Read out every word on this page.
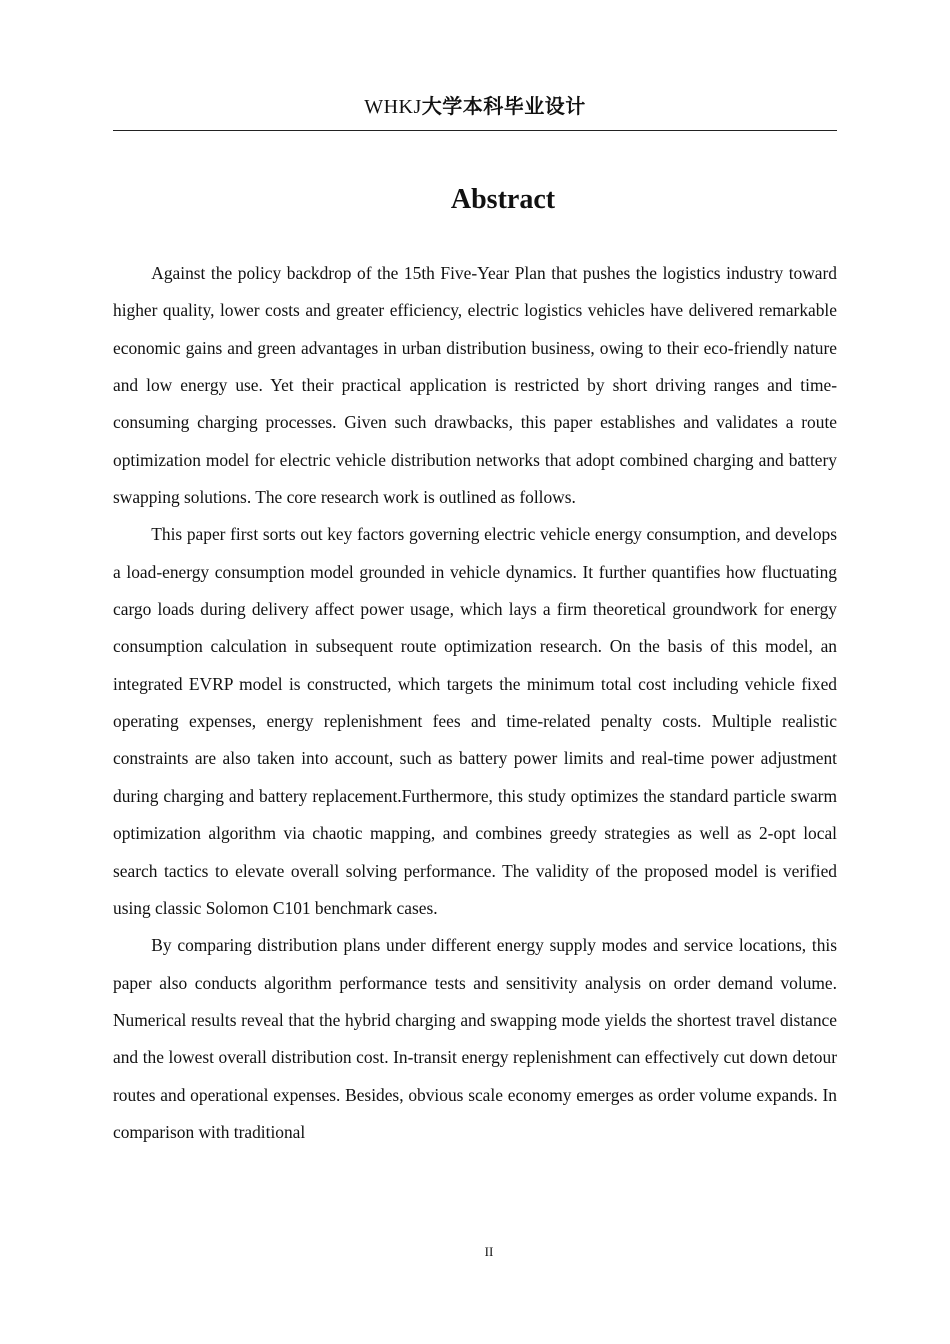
WHKJ大学本科毕业设计
Abstract

Against the policy backdrop of the 15th Five-Year Plan that pushes the logistics industry toward higher quality, lower costs and greater efficiency, electric logistics vehicles have delivered remarkable economic gains and green advantages in urban distribution business, owing to their eco-friendly nature and low energy use. Yet their practical application is restricted by short driving ranges and time-consuming charging processes. Given such drawbacks, this paper establishes and validates a route optimization model for electric vehicle distribution networks that adopt combined charging and battery swapping solutions. The core research work is outlined as follows.

This paper first sorts out key factors governing electric vehicle energy consumption, and develops a load-energy consumption model grounded in vehicle dynamics. It further quantifies how fluctuating cargo loads during delivery affect power usage, which lays a firm theoretical groundwork for energy consumption calculation in subsequent route optimization research. On the basis of this model, an integrated EVRP model is constructed, which targets the minimum total cost including vehicle fixed operating expenses, energy replenishment fees and time-related penalty costs. Multiple realistic constraints are also taken into account, such as battery power limits and real-time power adjustment during charging and battery replacement.Furthermore, this study optimizes the standard particle swarm optimization algorithm via chaotic mapping, and combines greedy strategies as well as 2-opt local search tactics to elevate overall solving performance. The validity of the proposed model is verified using classic Solomon C101 benchmark cases.

By comparing distribution plans under different energy supply modes and service locations, this paper also conducts algorithm performance tests and sensitivity analysis on order demand volume. Numerical results reveal that the hybrid charging and swapping mode yields the shortest travel distance and the lowest overall distribution cost. In-transit energy replenishment can effectively cut down detour routes and operational expenses. Besides, obvious scale economy emerges as order volume expands. In comparison with traditional

II
